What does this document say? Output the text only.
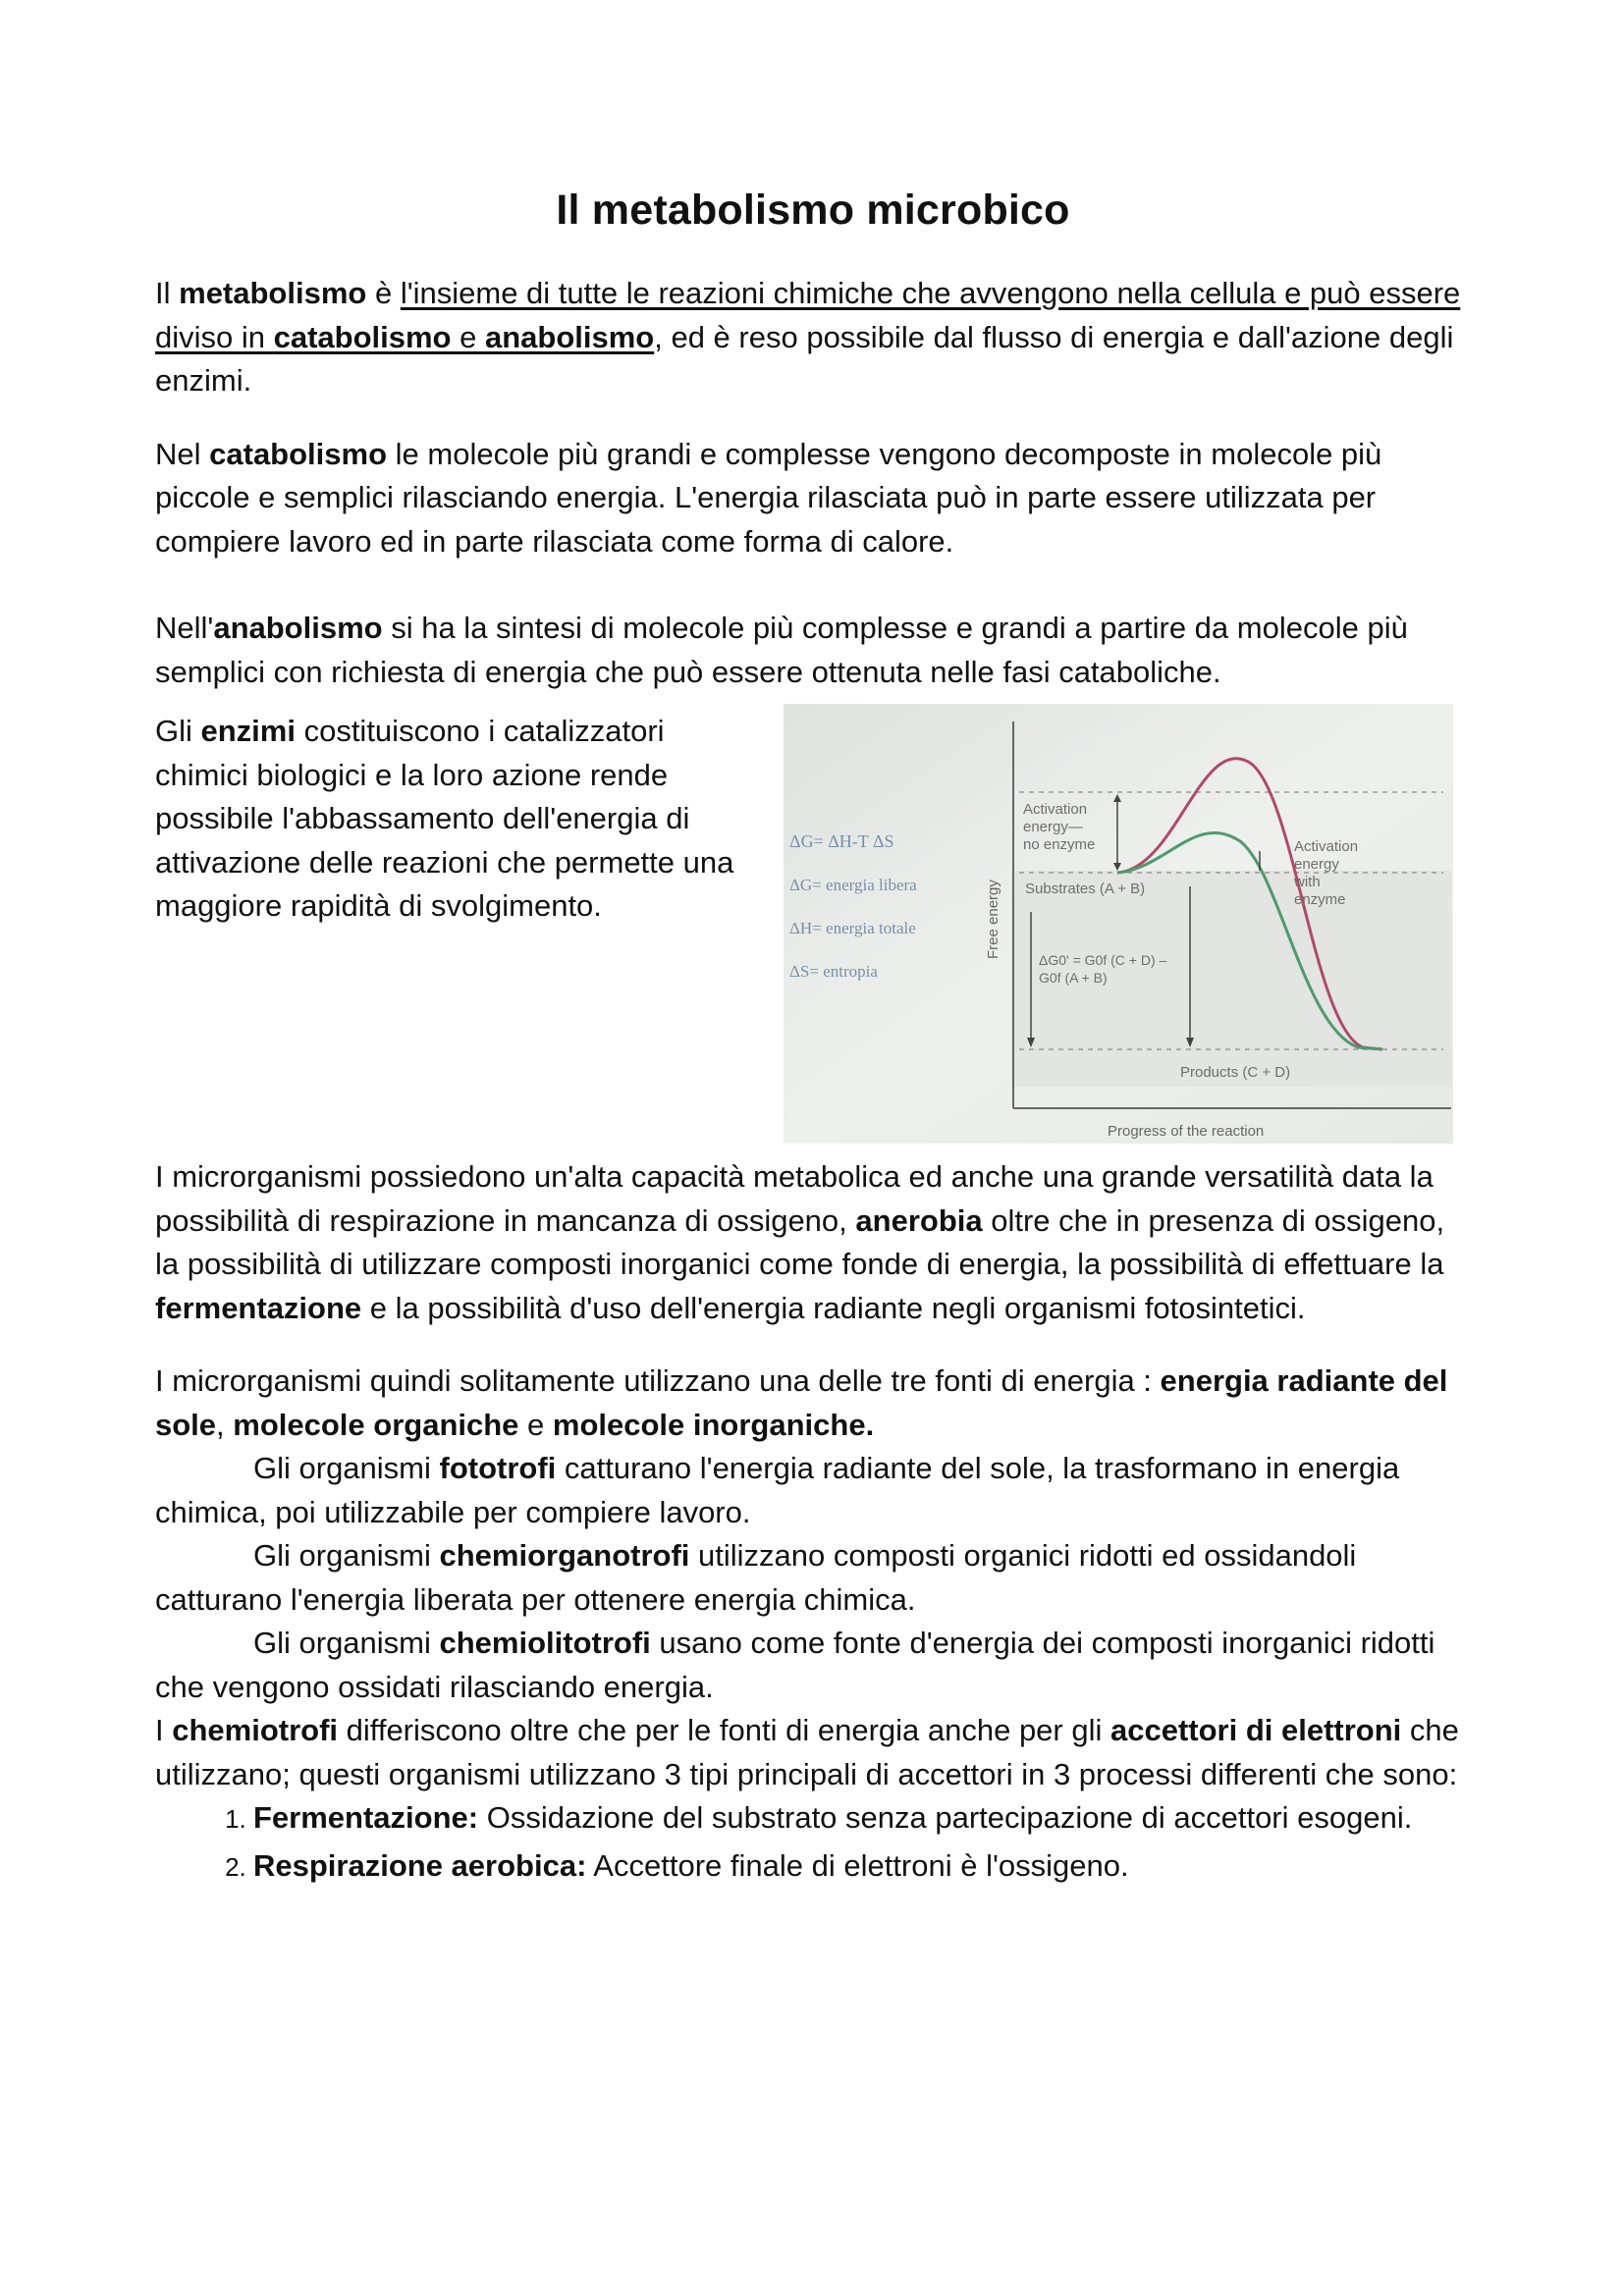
Il metabolismo microbico

Il metabolismo è l'insieme di tutte le reazioni chimiche che avvengono nella cellula e può essere diviso in catabolismo e anabolismo, ed è reso possibile dal flusso di energia e dall'azione degli enzimi.

Nel catabolismo le molecole più grandi e complesse vengono decomposte in molecole più piccole e semplici rilasciando energia. L'energia rilasciata può in parte essere utilizzata per compiere lavoro ed in parte rilasciata come forma di calore.

Nell'anabolismo si ha la sintesi di molecole più complesse e grandi a partire da molecole più semplici con richiesta di energia che può essere ottenuta nelle fasi cataboliche.

Gli enzimi costituiscono i catalizzatori chimici biologici e la loro azione rende possibile l'abbassamento dell'energia di attivazione delle reazioni che permette una maggiore rapidità di svolgimento.

ΔG= ΔH-T ΔS
ΔG= energia libera
ΔH= energia totale
ΔS= entropia
Free energy
Progress of the reaction
Activation
energy—
no enzyme	Activation
energy
with
enzyme
Substrates (A + B)
ΔG0' = G0f (C + D) –
G0f (A + B)
Products (C + D)

I microrganismi possiedono un'alta capacità metabolica ed anche una grande versatilità data la possibilità di respirazione in mancanza di ossigeno, anerobia oltre che in presenza di ossigeno, la possibilità di utilizzare composti inorganici come fonde di energia, la possibilità di effettuare la fermentazione e la possibilità d'uso dell'energia radiante negli organismi fotosintetici.

I microrganismi quindi solitamente utilizzano una delle tre fonti di energia : energia radiante del sole, molecole organiche e molecole inorganiche.

Gli organismi fototrofi catturano l'energia radiante del sole, la trasformano in energia chimica, poi utilizzabile per compiere lavoro.

Gli organismi chemiorganotrofi utilizzano composti organici ridotti ed ossidandoli catturano l'energia liberata per ottenere energia chimica.

Gli organismi chemiolitotrofi usano come fonte d'energia dei composti inorganici ridotti che vengono ossidati rilasciando energia.

I chemiotrofi differiscono oltre che per le fonti di energia anche per gli accettori di elettroni che utilizzano; questi organismi utilizzano 3 tipi principali di accettori in 3 processi differenti che sono:

1. Fermentazione: Ossidazione del substrato senza partecipazione di accettori esogeni.
2. Respirazione aerobica: Accettore finale di elettroni è l'ossigeno.
